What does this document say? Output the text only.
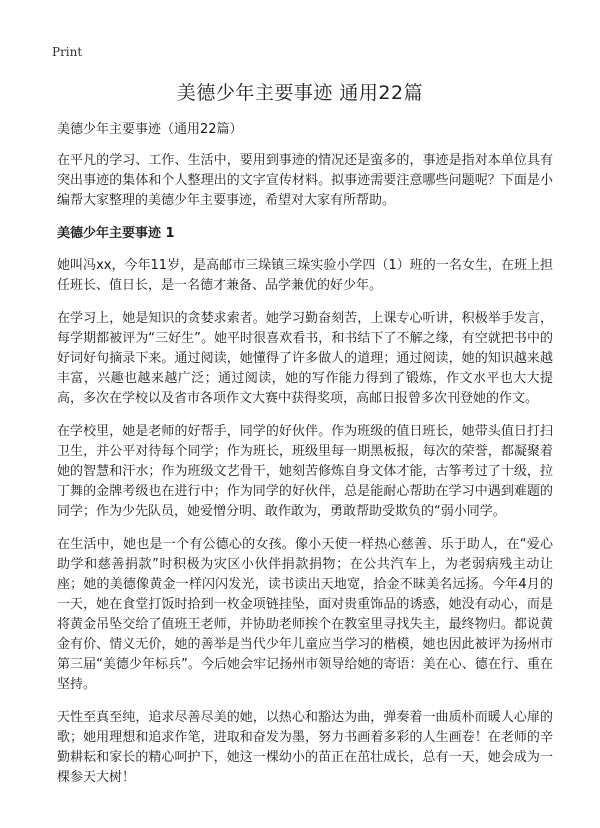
Print
美德少年主要事迹 通用22篇

美德少年主要事迹（通用22篇）

在平凡的学习、工作、生活中，要用到事迹的情况还是蛮多的，事迹是指对本单位具有突出事迹的集体和个人整理出的文字宣传材料。拟事迹需要注意哪些问题呢？下面是小编帮大家整理的美德少年主要事迹，希望对大家有所帮助。

美德少年主要事迹 1

她叫冯xx，今年11岁，是高邮市三垛镇三垛实验小学四（1）班的一名女生，在班上担任班长、值日长，是一名德才兼备、品学兼优的好少年。

在学习上，她是知识的贪婪求索者。她学习勤奋刻苦，上课专心听讲，积极举手发言，每学期都被评为“三好生”。她平时很喜欢看书，和书结下了不解之缘，有空就把书中的好词好句摘录下来。通过阅读，她懂得了许多做人的道理；通过阅读，她的知识越来越丰富，兴趣也越来越广泛；通过阅读，她的写作能力得到了锻炼，作文水平也大大提高，多次在学校以及省市各项作文大赛中获得奖项，高邮日报曾多次刊登她的作文。

在学校里，她是老师的好帮手，同学的好伙伴。作为班级的值日班长，她带头值日打扫卫生，并公平对待每个同学；作为班长，班级里每一期黑板报，每次的荣誉，都凝聚着她的智慧和汗水；作为班级文艺骨干，她刻苦修炼自身文体才能，古筝考过了十级，拉丁舞的金牌考级也在进行中；作为同学的好伙伴，总是能耐心帮助在学习中遇到难题的同学；作为少先队员，她爱憎分明、敢作敢为，勇敢帮助受欺负的“弱小同学。

在生活中，她也是一个有公德心的女孩。像小天使一样热心慈善、乐于助人，在“爱心助学和慈善捐款”时积极为灾区小伙伴捐款捐物；在公共汽车上，为老弱病残主动让座；她的美德像黄金一样闪闪发光，读书读出天地宽，拾金不昧美名远扬。今年4月的一天，她在食堂打饭时拾到一枚金项链挂坠，面对贵重饰品的诱惑，她没有动心，而是将黄金吊坠交给了值班王老师，并协助老师挨个在教室里寻找失主，最终物归。都说黄金有价、情义无价，她的善举是当代少年儿童应当学习的楷模，她也因此被评为扬州市第三届“美德少年标兵”。今后她会牢记扬州市领导给她的寄语：美在心、德在行、重在坚持。

天性至真至纯，追求尽善尽美的她，以热心和豁达为曲，弹奏着一曲质朴而暖人心扉的歌；她用理想和追求作笔，进取和奋发为墨，努力书画着多彩的人生画卷！在老师的辛勤耕耘和家长的精心呵护下，她这一棵幼小的苗正在茁壮成长，总有一天，她会成为一棵参天大树！
